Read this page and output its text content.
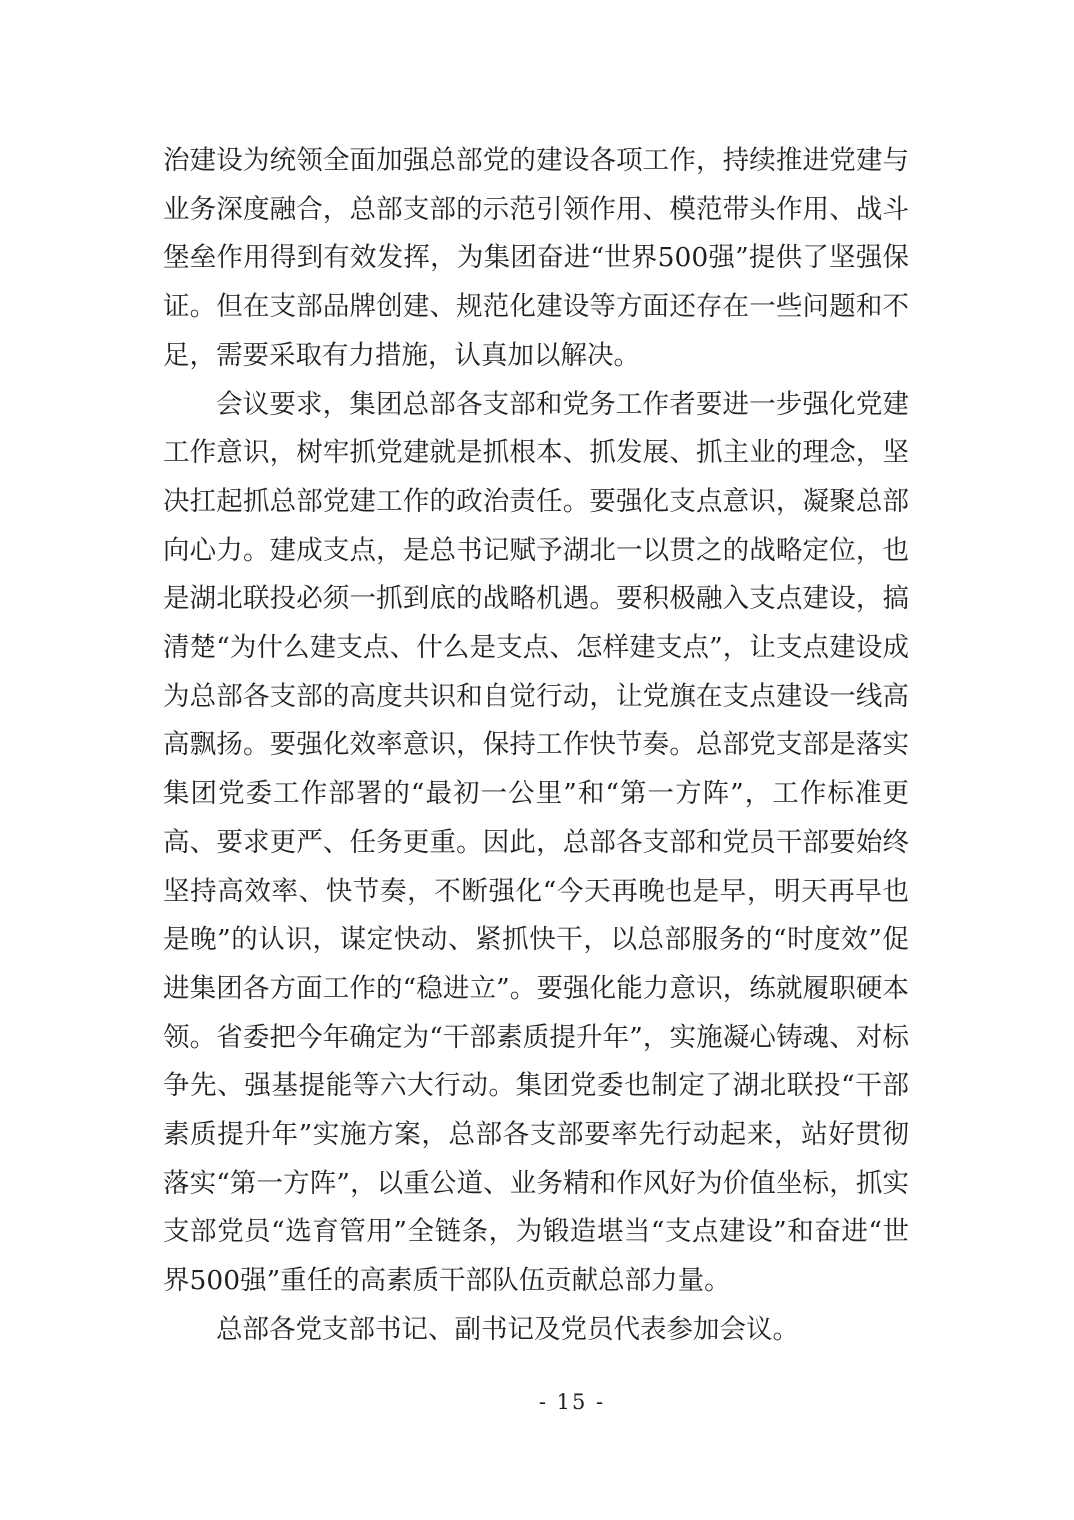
治建设为统领全面加强总部党的建设各项工作，持续推进党建与业务深度融合，总部支部的示范引领作用、模范带头作用、战斗堡垒作用得到有效发挥，为集团奋进“世界500强”提供了坚强保证。但在支部品牌创建、规范化建设等方面还存在一些问题和不足，需要采取有力措施，认真加以解决。

会议要求，集团总部各支部和党务工作者要进一步强化党建工作意识，树牢抓党建就是抓根本、抓发展、抓主业的理念，坚决扛起抓总部党建工作的政治责任。要强化支点意识，凝聚总部向心力。建成支点，是总书记赋予湖北一以贯之的战略定位，也是湖北联投必须一抓到底的战略机遇。要积极融入支点建设，搞清楚“为什么建支点、什么是支点、怎样建支点”，让支点建设成为总部各支部的高度共识和自觉行动，让党旗在支点建设一线高高飘扬。要强化效率意识，保持工作快节奏。总部党支部是落实集团党委工作部署的“最初一公里”和“第一方阵”，工作标准更高、要求更严、任务更重。因此，总部各支部和党员干部要始终坚持高效率、快节奏，不断强化“今天再晚也是早，明天再早也是晚”的认识，谋定快动、紧抓快干，以总部服务的“时度效”促进集团各方面工作的“稳进立”。要强化能力意识，练就履职硬本领。省委把今年确定为“干部素质提升年”，实施凝心铸魂、对标争先、强基提能等六大行动。集团党委也制定了湖北联投“干部素质提升年”实施方案，总部各支部要率先行动起来，站好贯彻落实“第一方阵”，以重公道、业务精和作风好为价值坐标，抓实支部党员“选育管用”全链条，为锻造堪当“支点建设”和奋进“世界500强”重任的高素质干部队伍贡献总部力量。

总部各党支部书记、副书记及党员代表参加会议。

- 15 -
